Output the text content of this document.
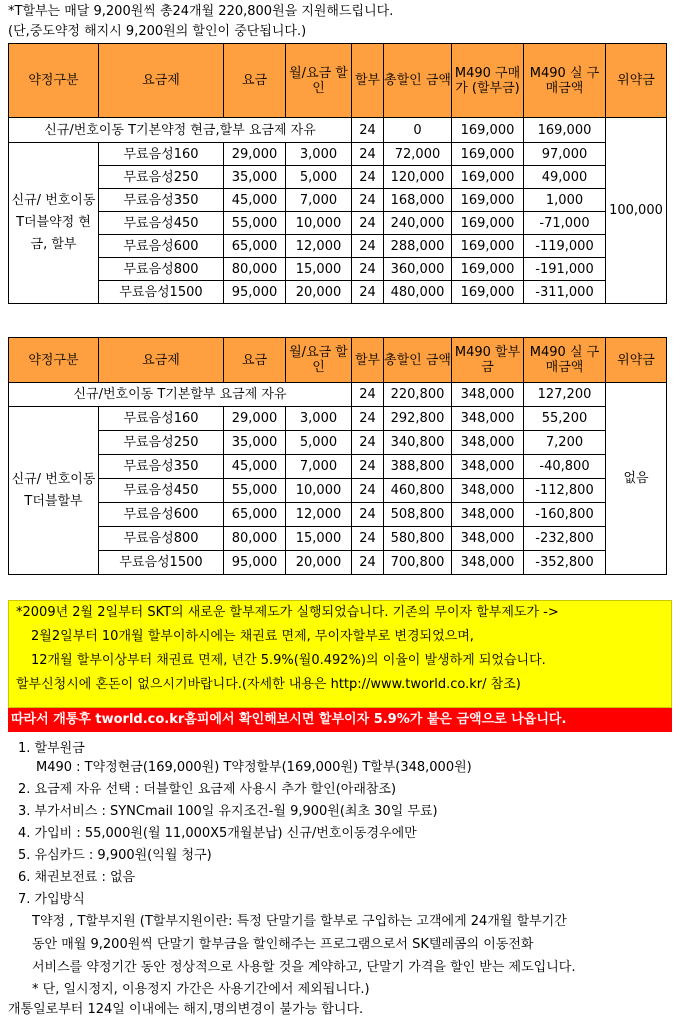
*T할부는 매달 9,200원씩 총24개월 220,800원을 지원해드립니다.
(단,중도약정 해지시 9,200원의 할인이 중단됩니다.)
약정구분	요금제	요금	월/요금 할인	할부	총할인 금액	M490 구매가 (할부금)	M490 실 구매금액	위약금
신규/번호이동 T기본약정 현금,할부 요금제 자유				24	0	169,000	169,000	100,000
신규/ 번호이동 T더블약정 현금, 할부	무료음성160	29,000	3,000	24	72,000	169,000	97,000	
	무료음성250	35,000	5,000	24	120,000	169,000	49,000	
	무료음성350	45,000	7,000	24	168,000	169,000	1,000	
	무료음성450	55,000	10,000	24	240,000	169,000	-71,000	
	무료음성600	65,000	12,000	24	288,000	169,000	-119,000	
	무료음성800	80,000	15,000	24	360,000	169,000	-191,000	
	무료음성1500	95,000	20,000	24	480,000	169,000	-311,000	
약정구분	요금제	요금	월/요금 할인	할부	총할인 금액	M490 할부금	M490 실 구매금액	위약금
신규/번호이동 T기본할부 요금제 자유				24	220,800	348,000	127,200	없음
신규/ 번호이동 T더블할부	무료음성160	29,000	3,000	24	292,800	348,000	55,200	
	무료음성250	35,000	5,000	24	340,800	348,000	7,200	
	무료음성350	45,000	7,000	24	388,800	348,000	-40,800	
	무료음성450	55,000	10,000	24	460,800	348,000	-112,800	
	무료음성600	65,000	12,000	24	508,800	348,000	-160,800	
	무료음성800	80,000	15,000	24	580,800	348,000	-232,800	
	무료음성1500	95,000	20,000	24	700,800	348,000	-352,800	
*2009년 2월 2일부터 SKT의 새로운 할부제도가 실행되었습니다. 기존의 무이자 할부제도가 ->
2월2일부터 10개월 할부이하시에는 채권료 면제, 무이자할부로 변경되었으며,
12개월 할부이상부터 채권료 면제, 년간 5.9%(월0.492%)의 이율이 발생하게 되었습니다.
할부신청시에 혼돈이 없으시기바랍니다.(자세한 내용은 http://www.tworld.co.kr/ 참조)
따라서 개통후 tworld.co.kr홈피에서 확인해보시면 할부이자 5.9%가 붙은 금액으로 나옵니다.
1. 할부원금
M490 : T약정현금(169,000원) T약정할부(169,000원) T할부(348,000원)
2. 요금제 자유 선택 : 더블할인 요금제 사용시 추가 할인(아래참조)
3. 부가서비스 : SYNCmail 100일 유지조건-월 9,900원(최초 30일 무료)
4. 가입비 : 55,000원(월 11,000X5개월분납) 신규/번호이동경우에만
5. 유심카드 : 9,900원(익월 청구)
6. 채권보전료 : 없음
7. 가입방식
T약정 , T할부지원 (T할부지원이란: 특정 단말기를 할부로 구입하는 고객에게 24개월 할부기간
동안 매월 9,200원씩 단말기 할부금을 할인해주는 프로그램으로서 SK텔레콤의 이동전화
서비스를 약정기간 동안 정상적으로 사용할 것을 계약하고, 단말기 가격을 할인 받는 제도입니다.
* 단, 일시정지, 이용정지 가간은 사용기간에서 제외됩니다.)
개통일로부터 124일 이내에는 해지,명의변경이 불가능 합니다.
